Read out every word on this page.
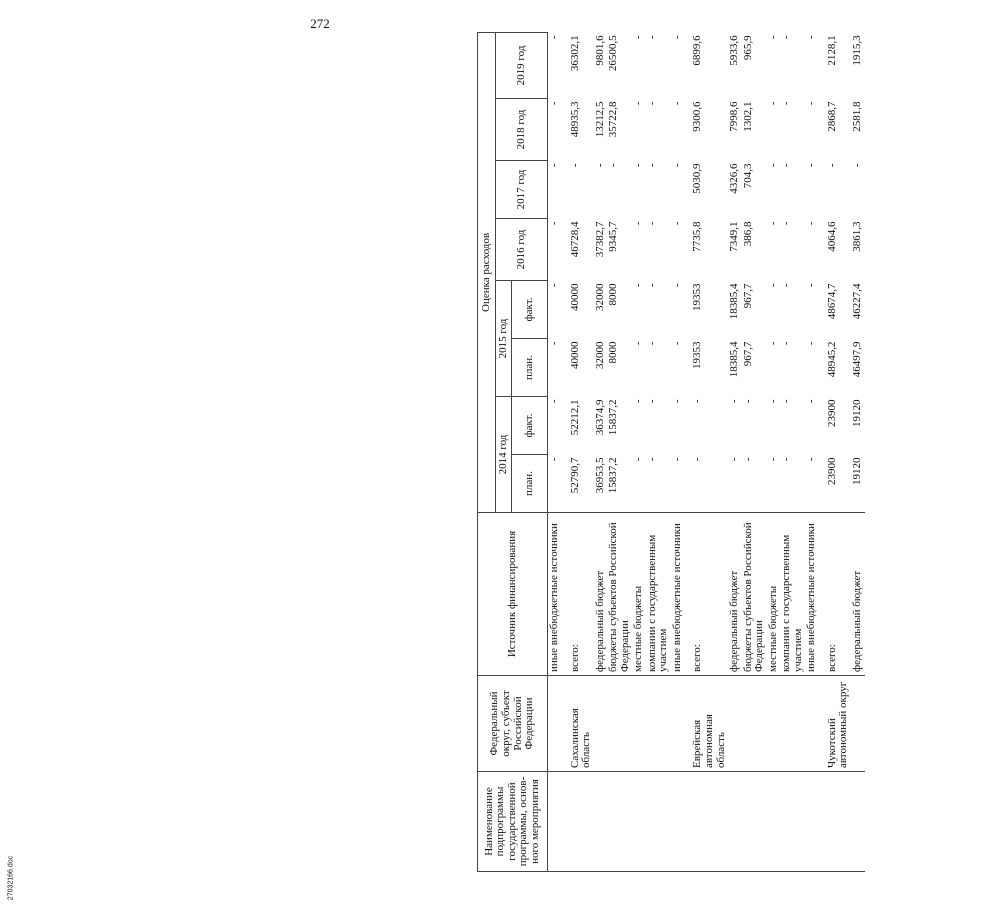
272
Наименование подпрограммы государственной программы, основ-ного мероприятия	Федеральный округ, субъект Российской Федерации	Источник финансирования	Оценка расходов							
			2014 год		2015 год		2016 год	2017 год	2018 год	2019 год
			план.	факт.	план.	факт.				
		иные внебюджетные источники	-	-	-	-	-	-	-	-
	Сахалинская область	всего:	52790,7	52212,1	40000	40000	46728,4	-	48935,3	36302,1
		федеральный бюджет	36953,5	36374,9	32000	32000	37382,7	-	13212,5	9801,6
		бюджеты субъектов Российской Федерации	15837,2	15837,2	8000	8000	9345,7	-	35722,8	26500,5
		местные бюджеты	-	-	-	-	-	-	-	-
		компании с государственным участием	-	-	-	-	-	-	-	-
		иные внебюджетные источники	-	-	-	-	-	-	-	-
	Еврейская автономная область	всего:	-	-	19353	19353	7735,8	5030,9	9300,6	6899,6
		федеральный бюджет	-	-	18385,4	18385,4	7349,1	4326,6	7998,6	5933,6
		бюджеты субъектов Российской Федерации	-	-	967,7	967,7	386,8	704,3	1302,1	965,9
		местные бюджеты	-	-	-	-	-	-	-	-
		компании с государственным участием	-	-	-	-	-	-	-	-
		иные внебюджетные источники	-	-	-	-	-	-	-	-
	Чукотский автономный округ	всего:	23900	23900	48945,2	48674,7	4064,6	-	2868,7	2128,1
		федеральный бюджет	19120	19120	46497,9	46227,4	3861,3	-	2581,8	1915,3
27032166.doc
